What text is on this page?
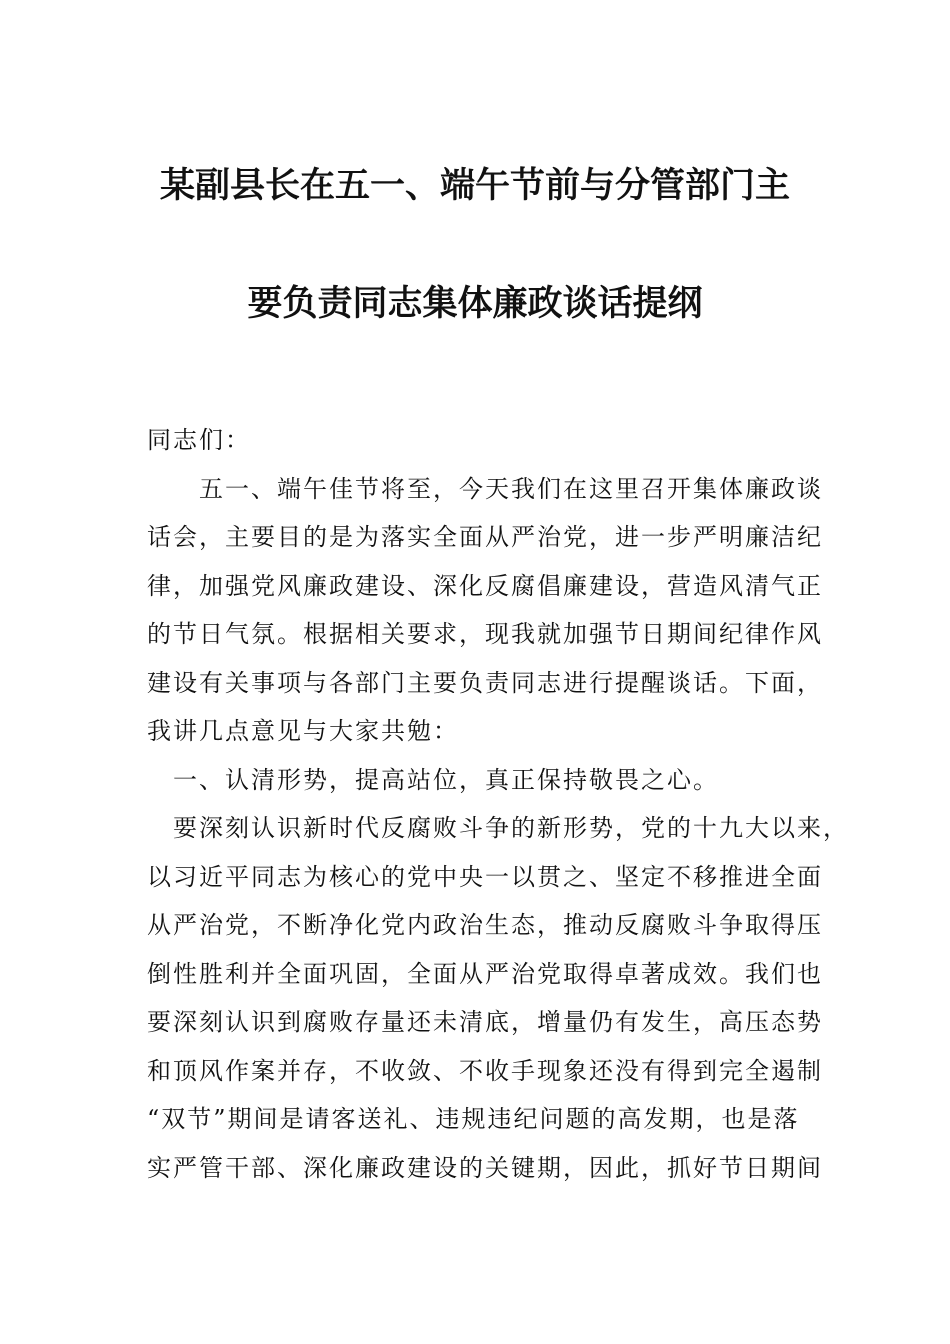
某副县长在五一、端午节前与分管部门主
要负责同志集体廉政谈话提纲
同志们：
　　五一、端午佳节将至，今天我们在这里召开集体廉政谈
话会，主要目的是为落实全面从严治党，进一步严明廉洁纪
律，加强党风廉政建设、深化反腐倡廉建设，营造风清气正
的节日气氛。根据相关要求，现我就加强节日期间纪律作风
建设有关事项与各部门主要负责同志进行提醒谈话。下面，
我讲几点意见与大家共勉：
　一、认清形势，提高站位，真正保持敬畏之心。
　要深刻认识新时代反腐败斗争的新形势，党的十九大以来，
以习近平同志为核心的党中央一以贯之、坚定不移推进全面
从严治党，不断净化党内政治生态，推动反腐败斗争取得压
倒性胜利并全面巩固，全面从严治党取得卓著成效。我们也
要深刻认识到腐败存量还未清底，增量仍有发生，高压态势
和顶风作案并存，不收敛、不收手现象还没有得到完全遏制
“双节”期间是请客送礼、违规违纪问题的高发期，也是落
实严管干部、深化廉政建设的关键期，因此，抓好节日期间
